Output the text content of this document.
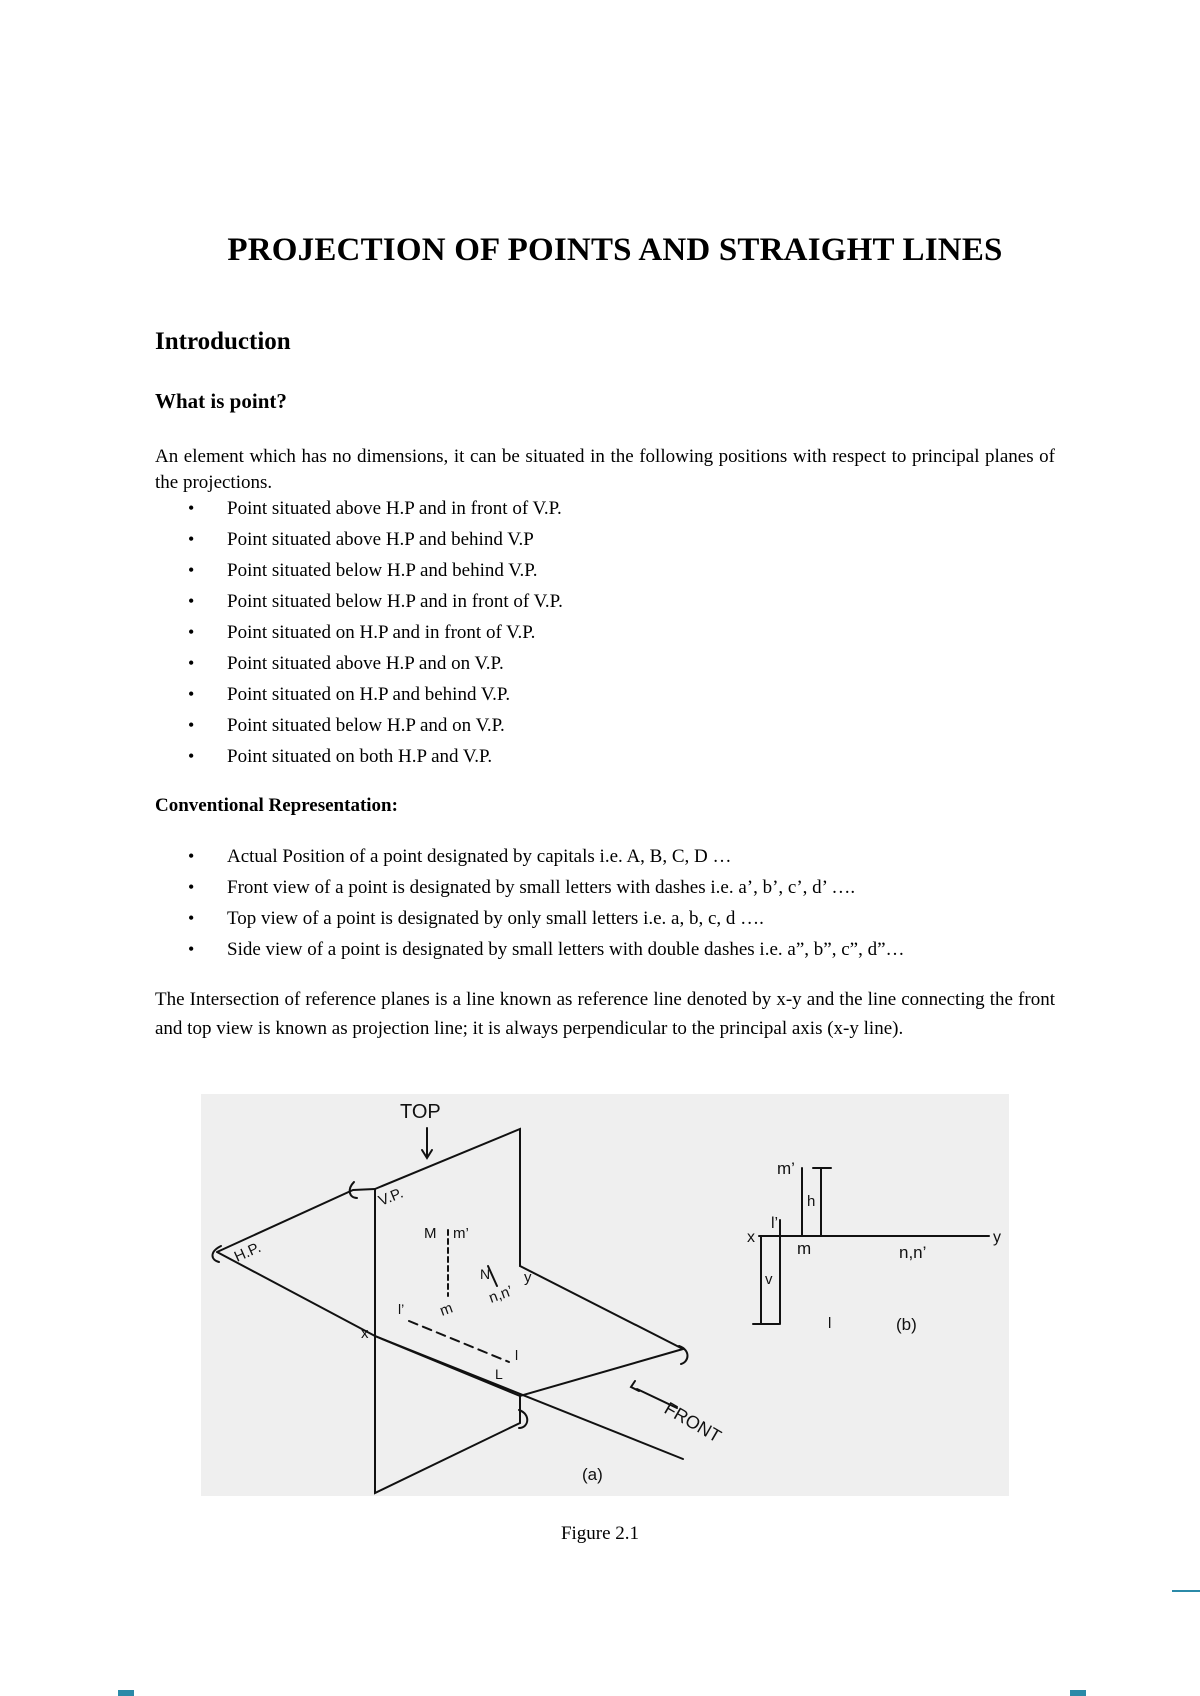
PROJECTION OF POINTS AND STRAIGHT LINES
Introduction
What is point?

An element which has no dimensions, it can be situated in the following positions with respect to principal planes of the projections.

• Point situated above H.P and in front of V.P.
• Point situated above H.P and behind V.P
• Point situated below H.P and behind V.P.
• Point situated below H.P and in front of V.P.
• Point situated on H.P and in front of V.P.
• Point situated above H.P and on V.P.
• Point situated on H.P and behind V.P.
• Point situated below H.P and on V.P.
• Point situated on both H.P and V.P.
Conventional Representation:
• Actual Position of a point designated by capitals i.e. A, B, C, D …
• Front view of a point is designated by small letters with dashes i.e. a’, b’, c’, d’ ….
• Top view of a point is designated by only small letters i.e. a, b, c, d ….
• Side view of a point is designated by small letters with double dashes i.e. a”, b”, c”, d”…

The Intersection of reference planes is a line known as reference line denoted by x-y and the line connecting the front and top view is known as projection line; it is always perpendicular to the principal axis (x-y line).

TOP
V.P.
H.P.
M m’
N
n,n’
m
l’
l
L
x
y
FRONT
(a)
m’
h
l’
x	y
m	n,n’
v
l	(b)

Figure 2.1
